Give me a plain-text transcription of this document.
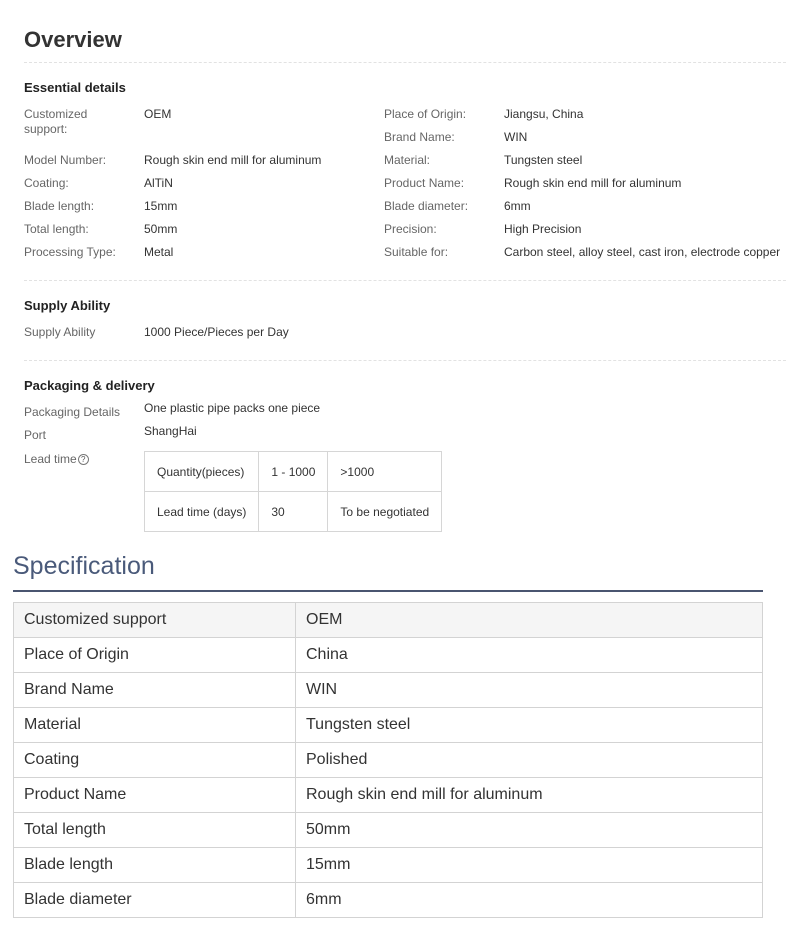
Overview
Essential details
Customized support:
OEM
Model Number:	Rough skin end mill for aluminum
Coating:	AlTiN
Blade length:	15mm
Total length:	50mm
Processing Type: Metal
Place of Origin:	Jiangsu, China
Brand Name:	WIN
Material:	Tungsten steel
Product Name:	Rough skin end mill for aluminum
Blade diameter:	6mm
Precision:	High Precision
Suitable for:	Carbon steel, alloy steel, cast iron, electrode copper
Supply Ability
Supply Ability	1000 Piece/Pieces per Day
Packaging & delivery
Packaging Details One plastic pipe packs one piece
Port	ShangHai
Lead time ?
Quantity(pieces)	1 - 1000	>1000
Lead time (days)	30	To be negotiated
Specification
Customized support	OEM
Place of Origin	China
Brand Name	WIN
Material	Tungsten steel
Coating	Polished
Product Name	Rough skin end mill for aluminum
Total length	50mm
Blade length	15mm
Blade diameter	6mm
